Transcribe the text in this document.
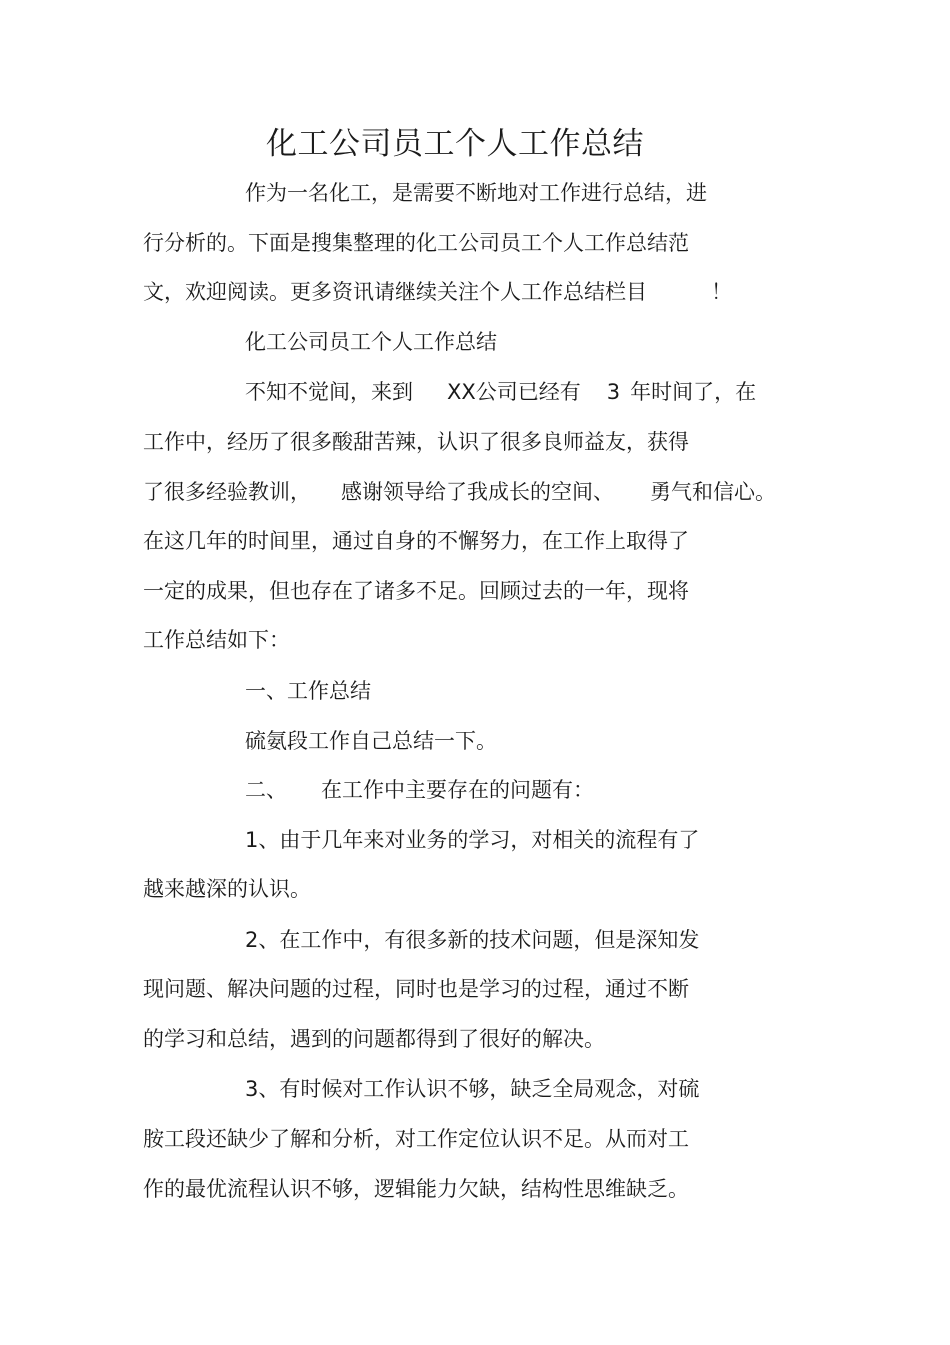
化工公司员工个人工作总结
作为一名化工，是需要不断地对工作进行总结，进
行分析的。下面是搜集整理的化工公司员工个人工作总结范
文，欢迎阅读。更多资讯请继续关注个人工作总结栏目	！
化工公司员工个人工作总结
不知不觉间，来到 XX公司已经有 3 年时间了，在
工作中，经历了很多酸甜苦辣，认识了很多良师益友，获得
了很多经验教训， 感谢领导给了我成长的空间、 勇气和信心。
在这几年的时间里，通过自身的不懈努力，在工作上取得了
一定的成果，但也存在了诸多不足。回顾过去的一年，现将
工作总结如下：
一、工作总结
硫氨段工作自己总结一下。
二、 在工作中主要存在的问题有：
1、由于几年来对业务的学习，对相关的流程有了
越来越深的认识。
2、在工作中，有很多新的技术问题，但是深知发
现问题、解决问题的过程，同时也是学习的过程，通过不断
的学习和总结，遇到的问题都得到了很好的解决。
3、有时候对工作认识不够，缺乏全局观念，对硫
胺工段还缺少了解和分析，对工作定位认识不足。从而对工
作的最优流程认识不够，逻辑能力欠缺，结构性思维缺乏。
